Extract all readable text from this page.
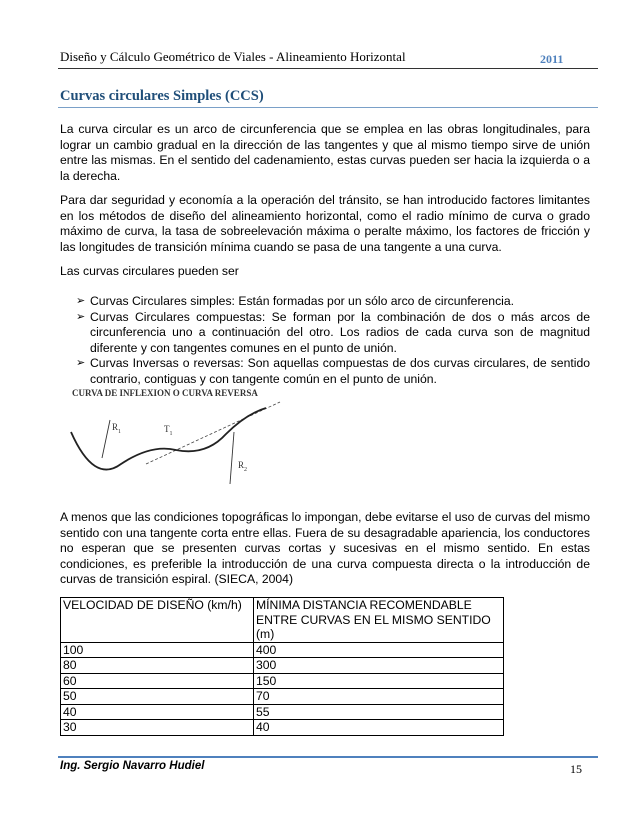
Diseño y Cálculo Geométrico de Viales - Alineamiento Horizontal	2011
Curvas circulares Simples (CCS)
La curva circular es un arco de circunferencia que se emplea en las obras longitudinales, para lograr un cambio gradual en la dirección de las tangentes y que al mismo tiempo sirve de unión entre las mismas. En el sentido del cadenamiento, estas curvas pueden ser hacia la izquierda o a la derecha.
Para dar seguridad y economía a la operación del tránsito, se han introducido factores limitantes en los métodos de diseño del alineamiento horizontal, como el radio mínimo de curva o grado máximo de curva, la tasa de sobreelevación máxima o peralte máximo, los factores de fricción y las longitudes de transición mínima cuando se pasa de una tangente a una curva.
Las curvas circulares pueden ser
➢ Curvas Circulares simples: Están formadas por un sólo arco de circunferencia.
➢ Curvas Circulares compuestas: Se forman por la combinación de dos o más arcos de circunferencia uno a continuación del otro. Los radios de cada curva son de magnitud diferente y con tangentes comunes en el punto de unión.
➢ Curvas Inversas o reversas: Son aquellas compuestas de dos curvas circulares, de sentido contrario, contiguas y con tangente común en el punto de unión.
CURVA DE INFLEXION O CURVA REVERSA
$R_1$	$T_1$
$R_2$
A menos que las condiciones topográficas lo impongan, debe evitarse el uso de curvas del mismo sentido con una tangente corta entre ellas. Fuera de su desagradable apariencia, los conductores no esperan que se presenten curvas cortas y sucesivas en el mismo sentido. En estas condiciones, es preferible la introducción de una curva compuesta directa o la introducción de curvas de transición espiral. (SIECA, 2004)
VELOCIDAD DE DISEÑO (km/h)	MÍNIMA DISTANCIA RECOMENDABLE ENTRE CURVAS EN EL MISMO SENTIDO (m)
100	400
80	300
60	150
50	70
40	55
30	40
Ing. Sergio Navarro Hudiel	15
